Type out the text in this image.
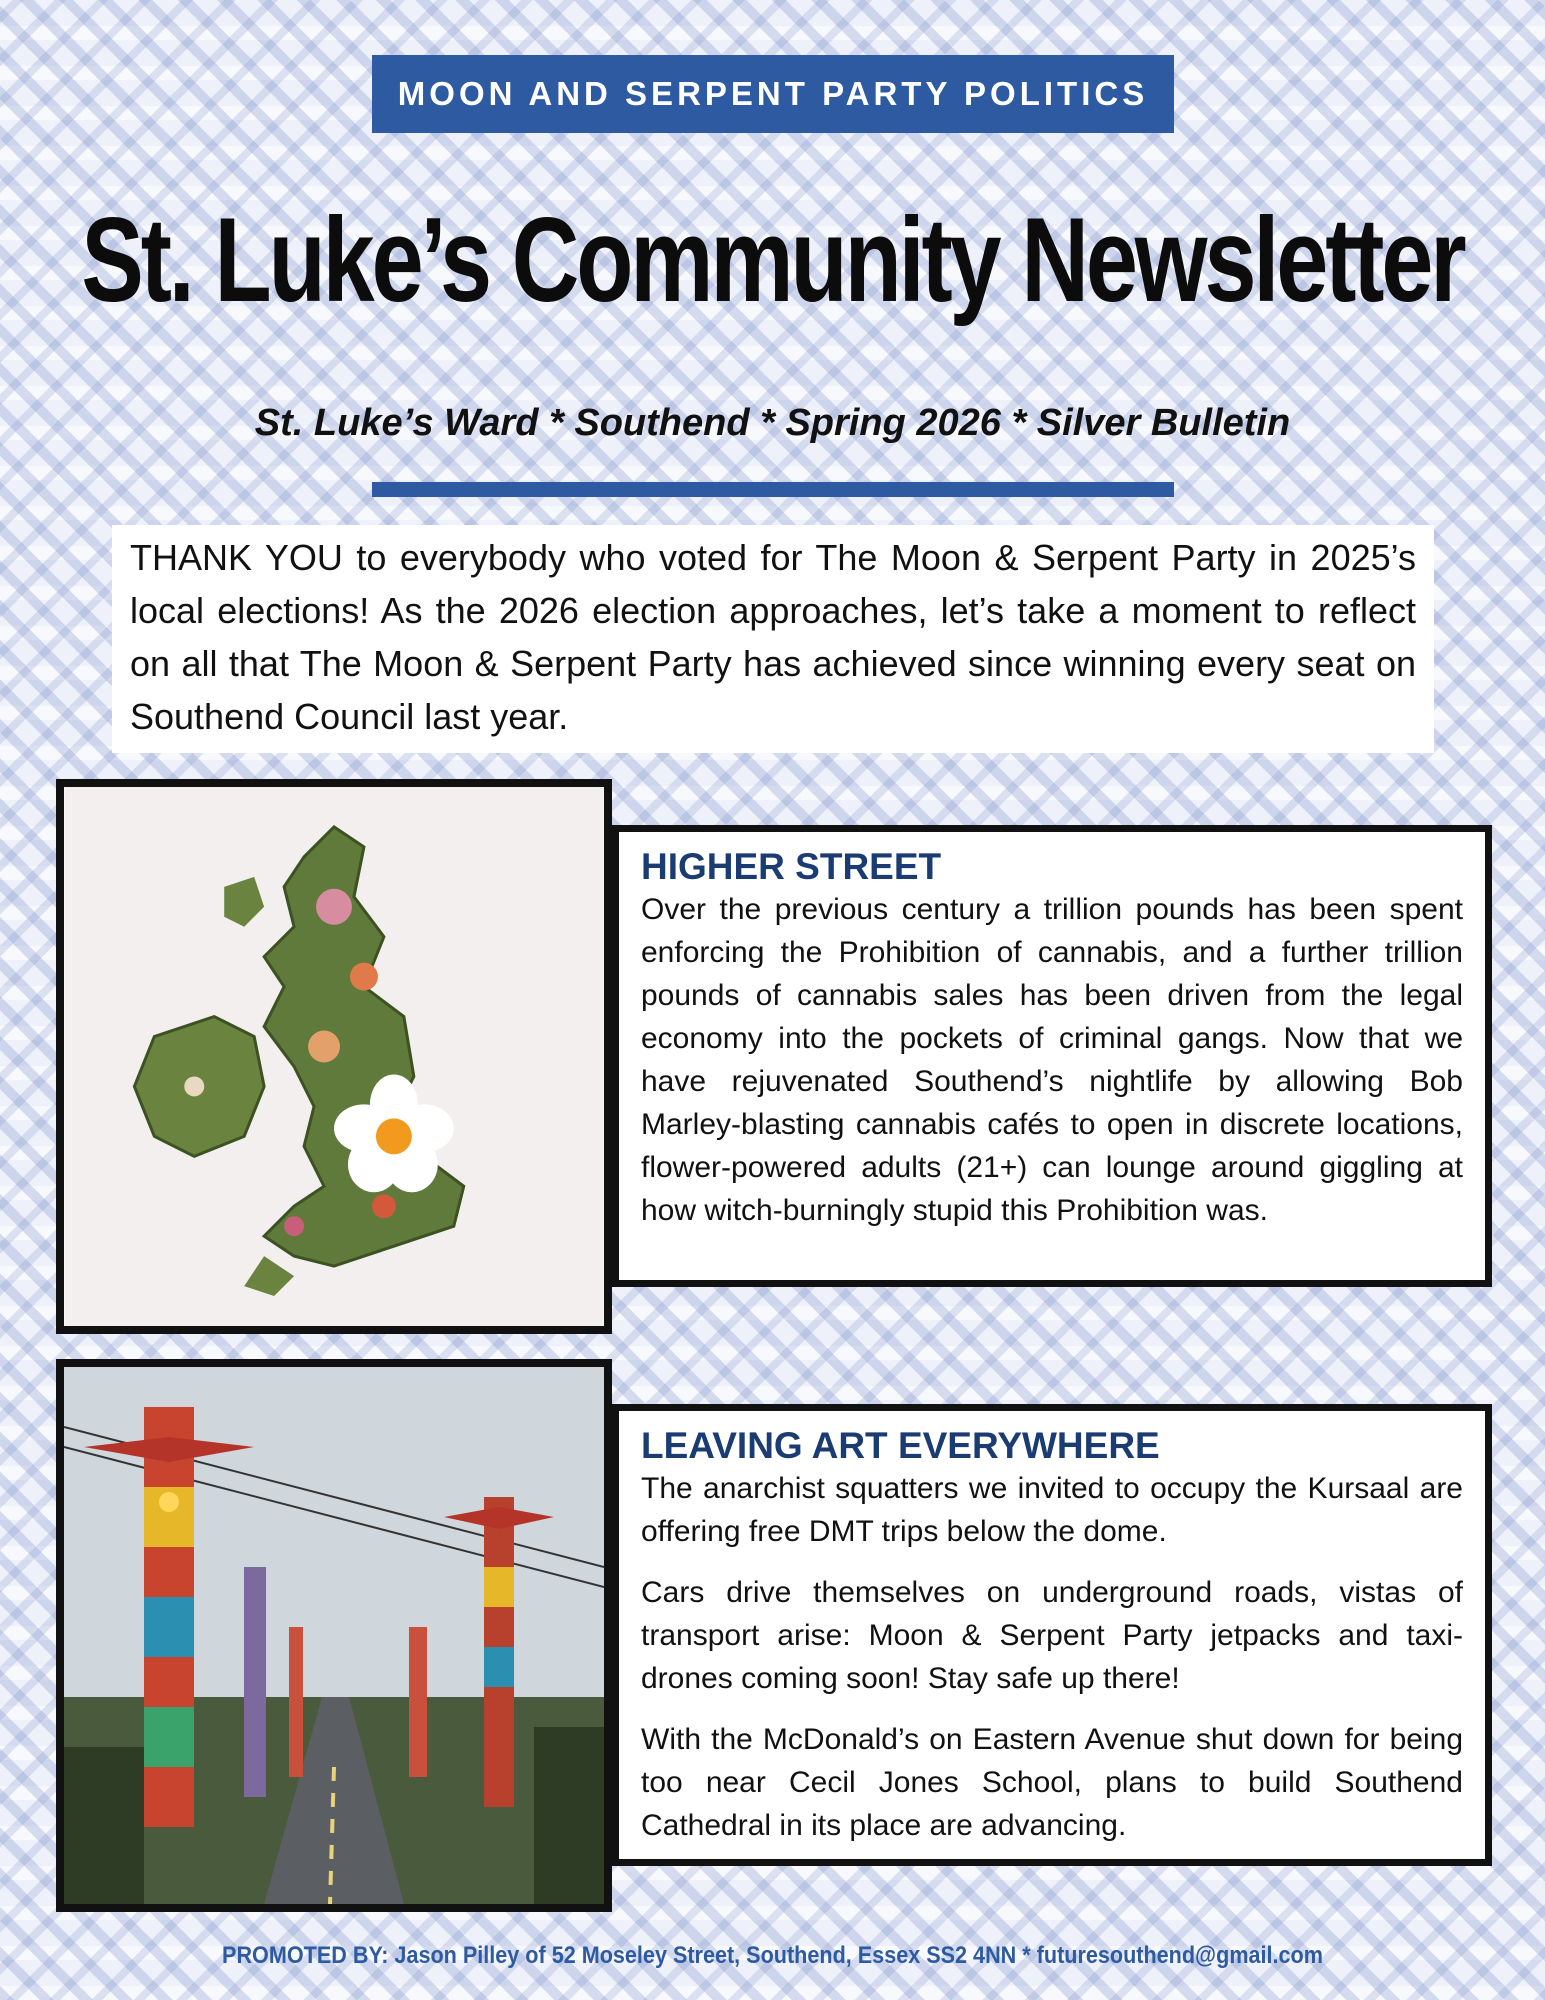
MOON AND SERPENT PARTY POLITICS
St. Luke’s Community Newsletter
St. Luke’s Ward * Southend * Spring 2026 * Silver Bulletin
THANK YOU to everybody who voted for The Moon & Serpent Party in 2025’s local elections! As the 2026 election approaches, let’s take a moment to reflect on all that The Moon & Serpent Party has achieved since winning every seat on Southend Council last year.
HIGHER STREET

Over the previous century a trillion pounds has been spent enforcing the Prohibition of cannabis, and a further trillion pounds of cannabis sales has been driven from the legal economy into the pockets of criminal gangs. Now that we have rejuvenated Southend’s nightlife by allowing Bob Marley-blasting cannabis cafés to open in discrete locations, flower-powered adults (21+) can lounge around giggling at how witch-burningly stupid this Prohibition was.

LEAVING ART EVERYWHERE

The anarchist squatters we invited to occupy the Kursaal are offering free DMT trips below the dome.

Cars drive themselves on underground roads, vistas of transport arise: Moon & Serpent Party jetpacks and taxi-drones coming soon! Stay safe up there!

With the McDonald’s on Eastern Avenue shut down for being too near Cecil Jones School, plans to build Southend Cathedral in its place are advancing.

PROMOTED BY: Jason Pilley of 52 Moseley Street, Southend, Essex SS2 4NN * futuresouthend@gmail.com
